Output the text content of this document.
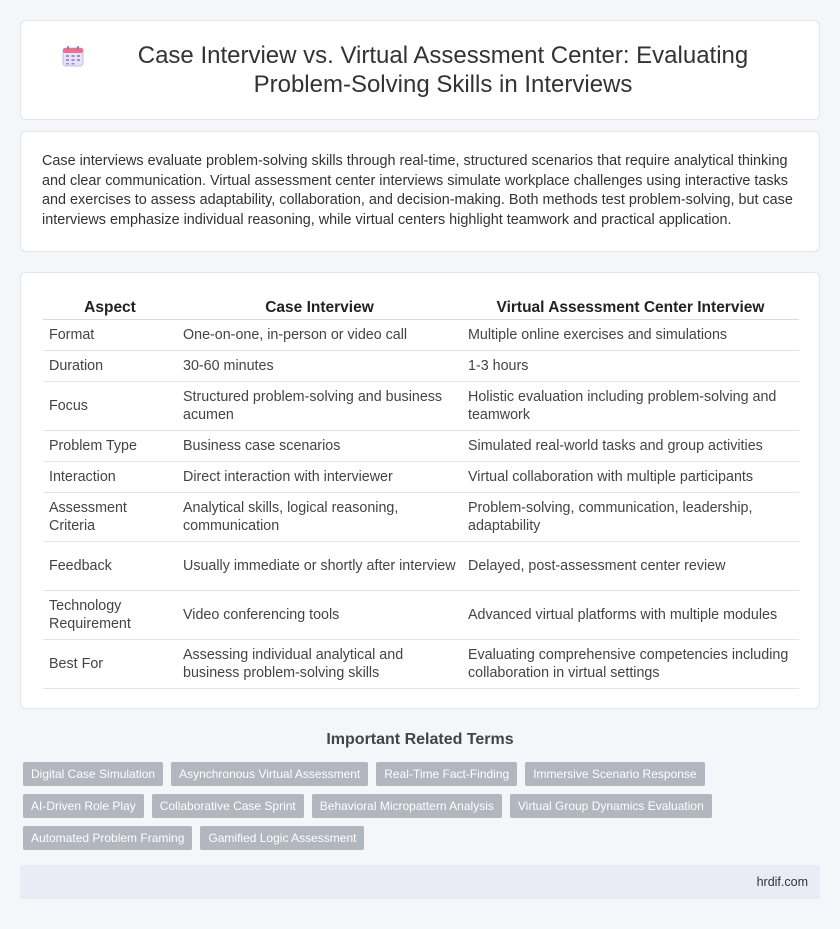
Case Interview vs. Virtual Assessment Center: Evaluating Problem-Solving Skills in Interviews

Case interviews evaluate problem-solving skills through real-time, structured scenarios that require analytical thinking and clear communication. Virtual assessment center interviews simulate workplace challenges using interactive tasks and exercises to assess adaptability, collaboration, and decision-making. Both methods test problem-solving, but case interviews emphasize individual reasoning, while virtual centers highlight teamwork and practical application.

Aspect	Case Interview	Virtual Assessment Center Interview
Format	One-on-one, in-person or video call	Multiple online exercises and simulations
Duration	30-60 minutes	1-3 hours
Focus	Structured problem-solving and business acumen	Holistic evaluation including problem-solving and teamwork
Problem Type	Business case scenarios	Simulated real-world tasks and group activities
Interaction	Direct interaction with interviewer	Virtual collaboration with multiple participants
Assessment Criteria	Analytical skills, logical reasoning, communication	Problem-solving, communication, leadership, adaptability
Feedback	Usually immediate or shortly after interview	Delayed, post-assessment center review
Technology Requirement	Video conferencing tools	Advanced virtual platforms with multiple modules
Best For	Assessing individual analytical and business problem-solving skills	Evaluating comprehensive competencies including collaboration in virtual settings
Important Related Terms
Digital Case Simulation	Asynchronous Virtual Assessment	Real-Time Fact-Finding	Immersive Scenario Response
AI-Driven Role Play	Collaborative Case Sprint	Behavioral Micropattern Analysis	Virtual Group Dynamics Evaluation
Automated Problem Framing	Gamified Logic Assessment
hrdif.com
